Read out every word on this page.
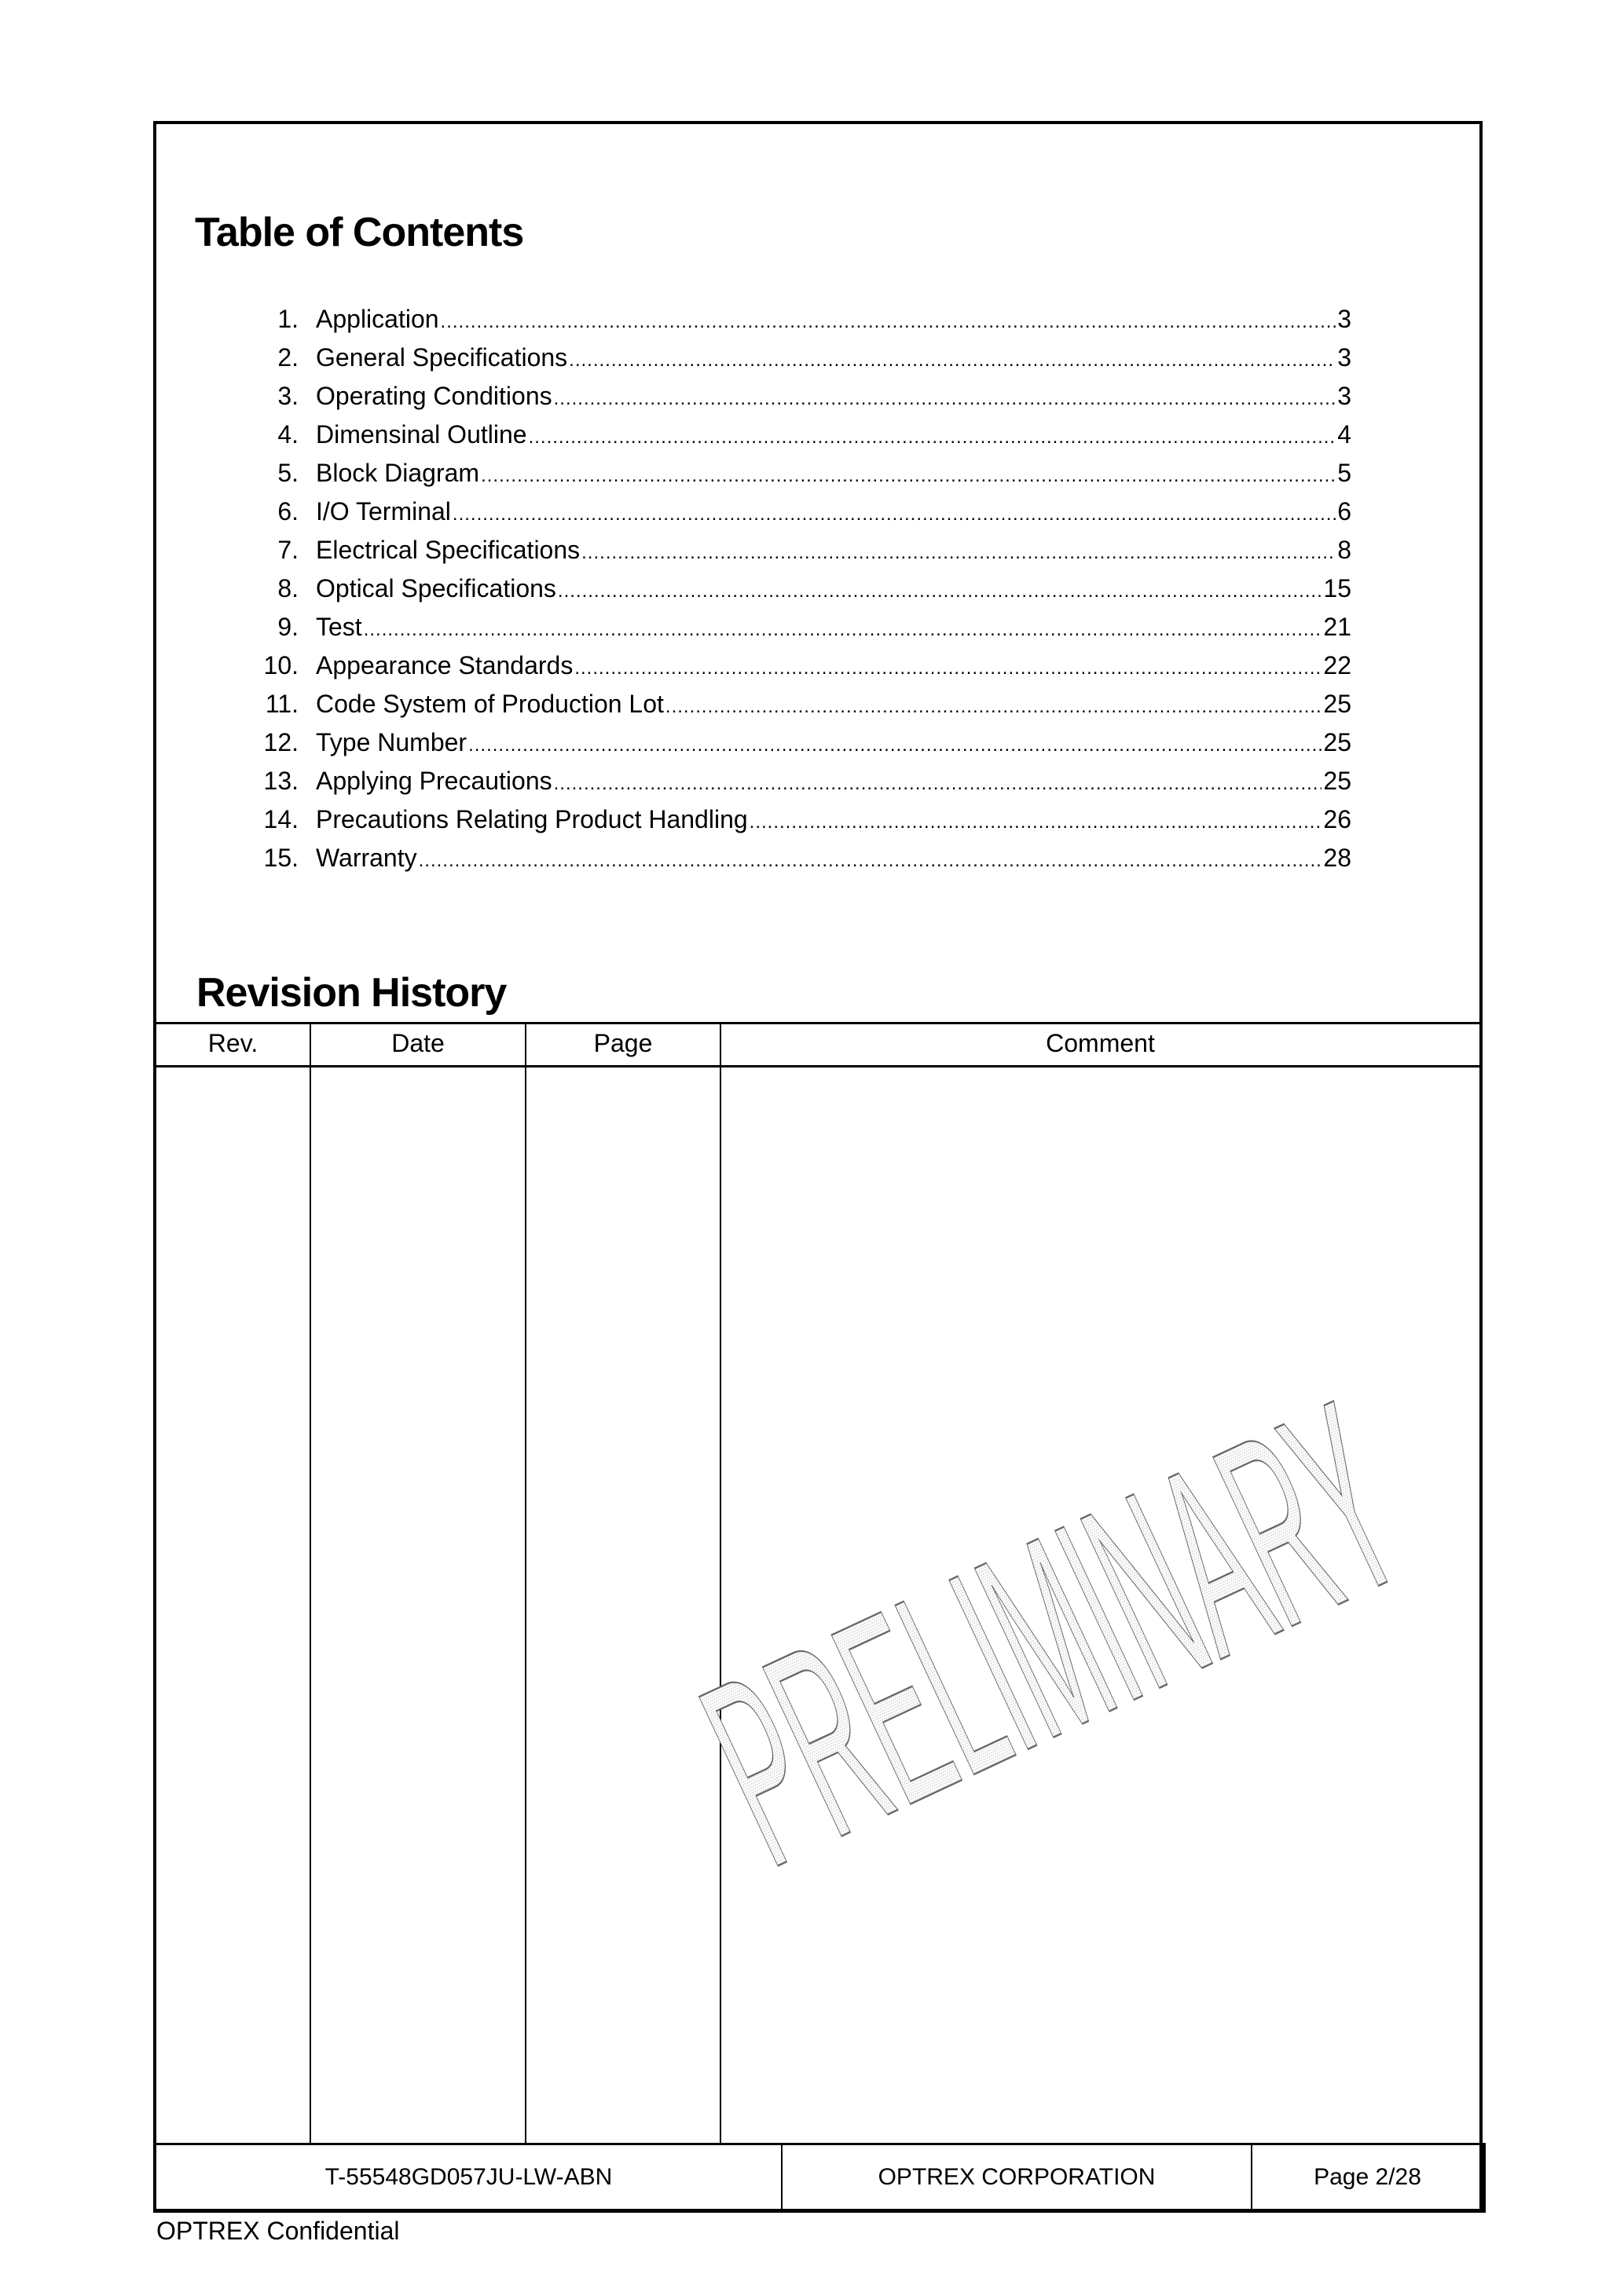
Table of Contents
1. Application .....	3
2. General Specifications .....	3
3. Operating Conditions .....	3
4. Dimensinal Outline .....	4
5. Block Diagram .....	5
6. I/O Terminal .....	6
7. Electrical Specifications .....	8
8. Optical Specifications .....	15
9. Test .....	21
10. Appearance Standards .....	22
11. Code System of Production Lot .....	25
12. Type Number .....	25
13. Applying Precautions .....	25
14. Precautions Relating Product Handling .....	26
15. Warranty .....	28
Revision History
Rev.	Date	Page	Comment
T-55548GD057JU-LW-ABN	OPTREX CORPORATION	Page 2/28
OPTREX Confidential
PRELIMINARY
